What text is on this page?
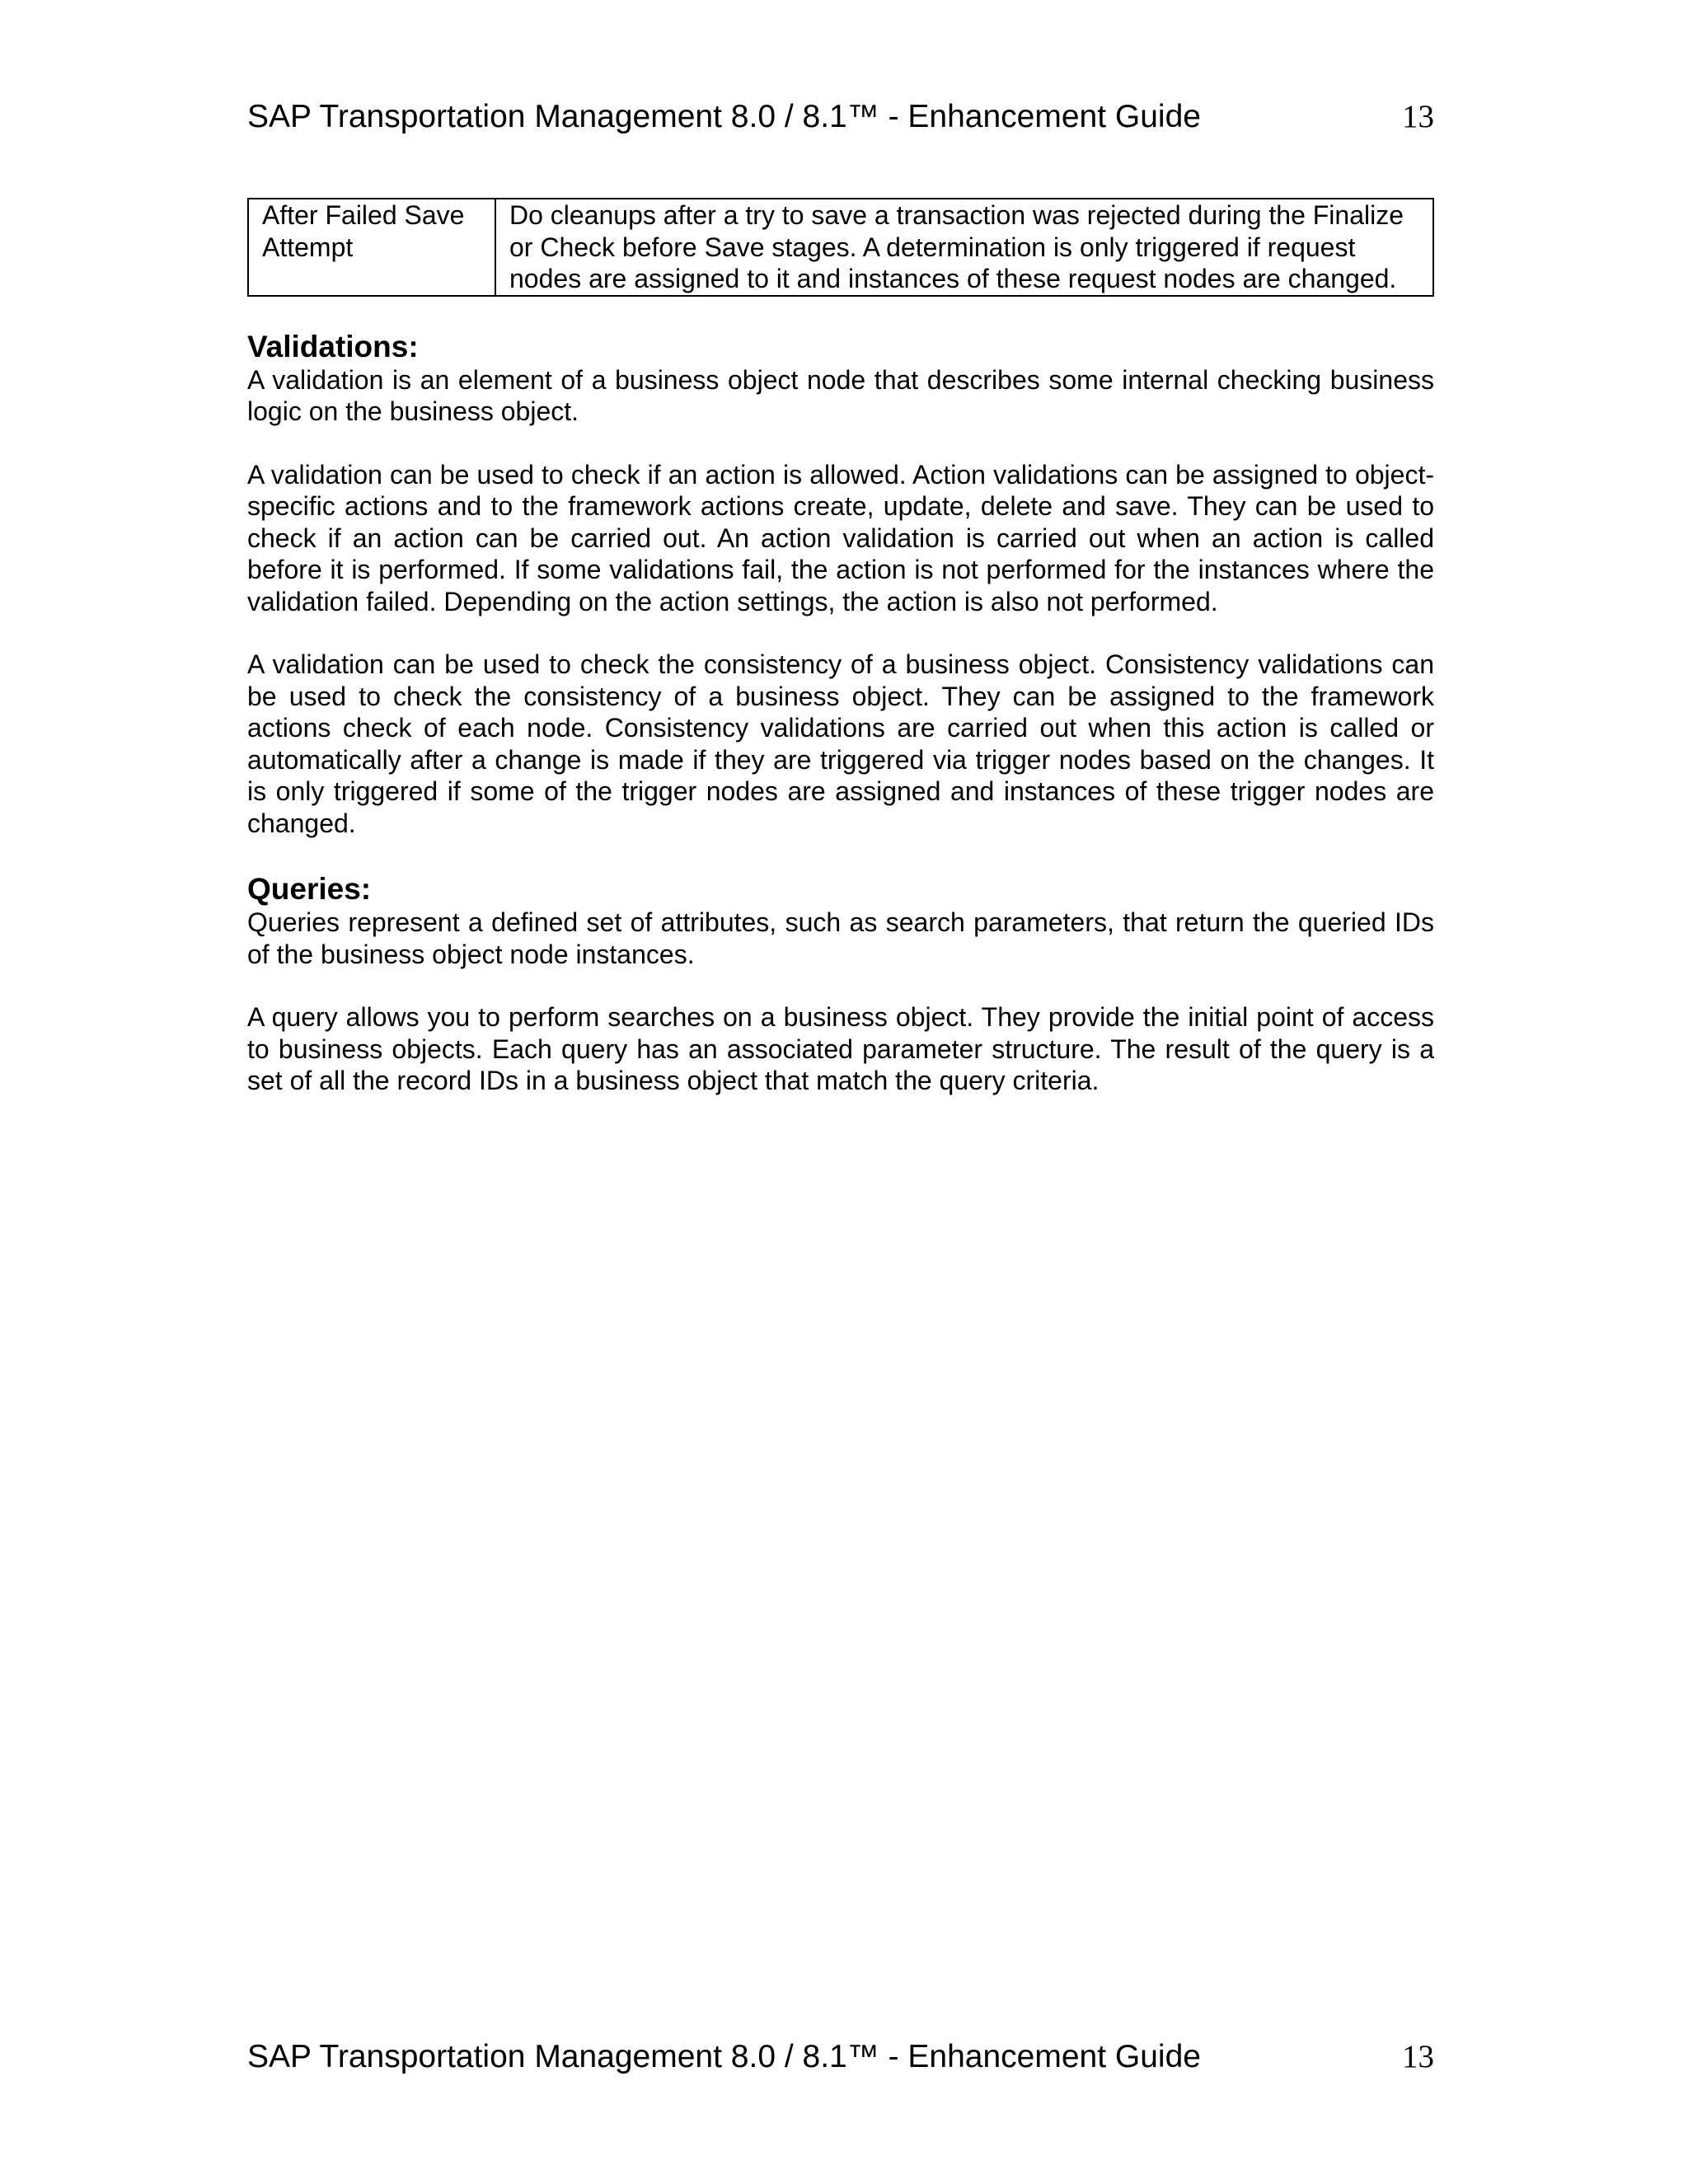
SAP Transportation Management 8.0 / 8.1™ - Enhancement Guide	13
After Failed Save Attempt	Do cleanups after a try to save a transaction was rejected during the Finalize or Check before Save stages. A determination is only triggered if request nodes are assigned to it and instances of these request nodes are changed.
Validations:

A validation is an element of a business object node that describes some internal checking business logic on the business object.

A validation can be used to check if an action is allowed. Action validations can be assigned to object-specific actions and to the framework actions create, update, delete and save. They can be used to check if an action can be carried out. An action validation is carried out when an action is called before it is performed. If some validations fail, the action is not performed for the instances where the validation failed. Depending on the action settings, the action is also not performed.

A validation can be used to check the consistency of a business object. Consistency validations can be used to check the consistency of a business object. They can be assigned to the framework actions check of each node. Consistency validations are carried out when this action is called or automatically after a change is made if they are triggered via trigger nodes based on the changes. It is only triggered if some of the trigger nodes are assigned and instances of these trigger nodes are changed.

Queries:

Queries represent a defined set of attributes, such as search parameters, that return the queried IDs of the business object node instances.

A query allows you to perform searches on a business object. They provide the initial point of access to business objects. Each query has an associated parameter structure. The result of the query is a set of all the record IDs in a business object that match the query criteria.

SAP Transportation Management 8.0 / 8.1™ - Enhancement Guide	13
